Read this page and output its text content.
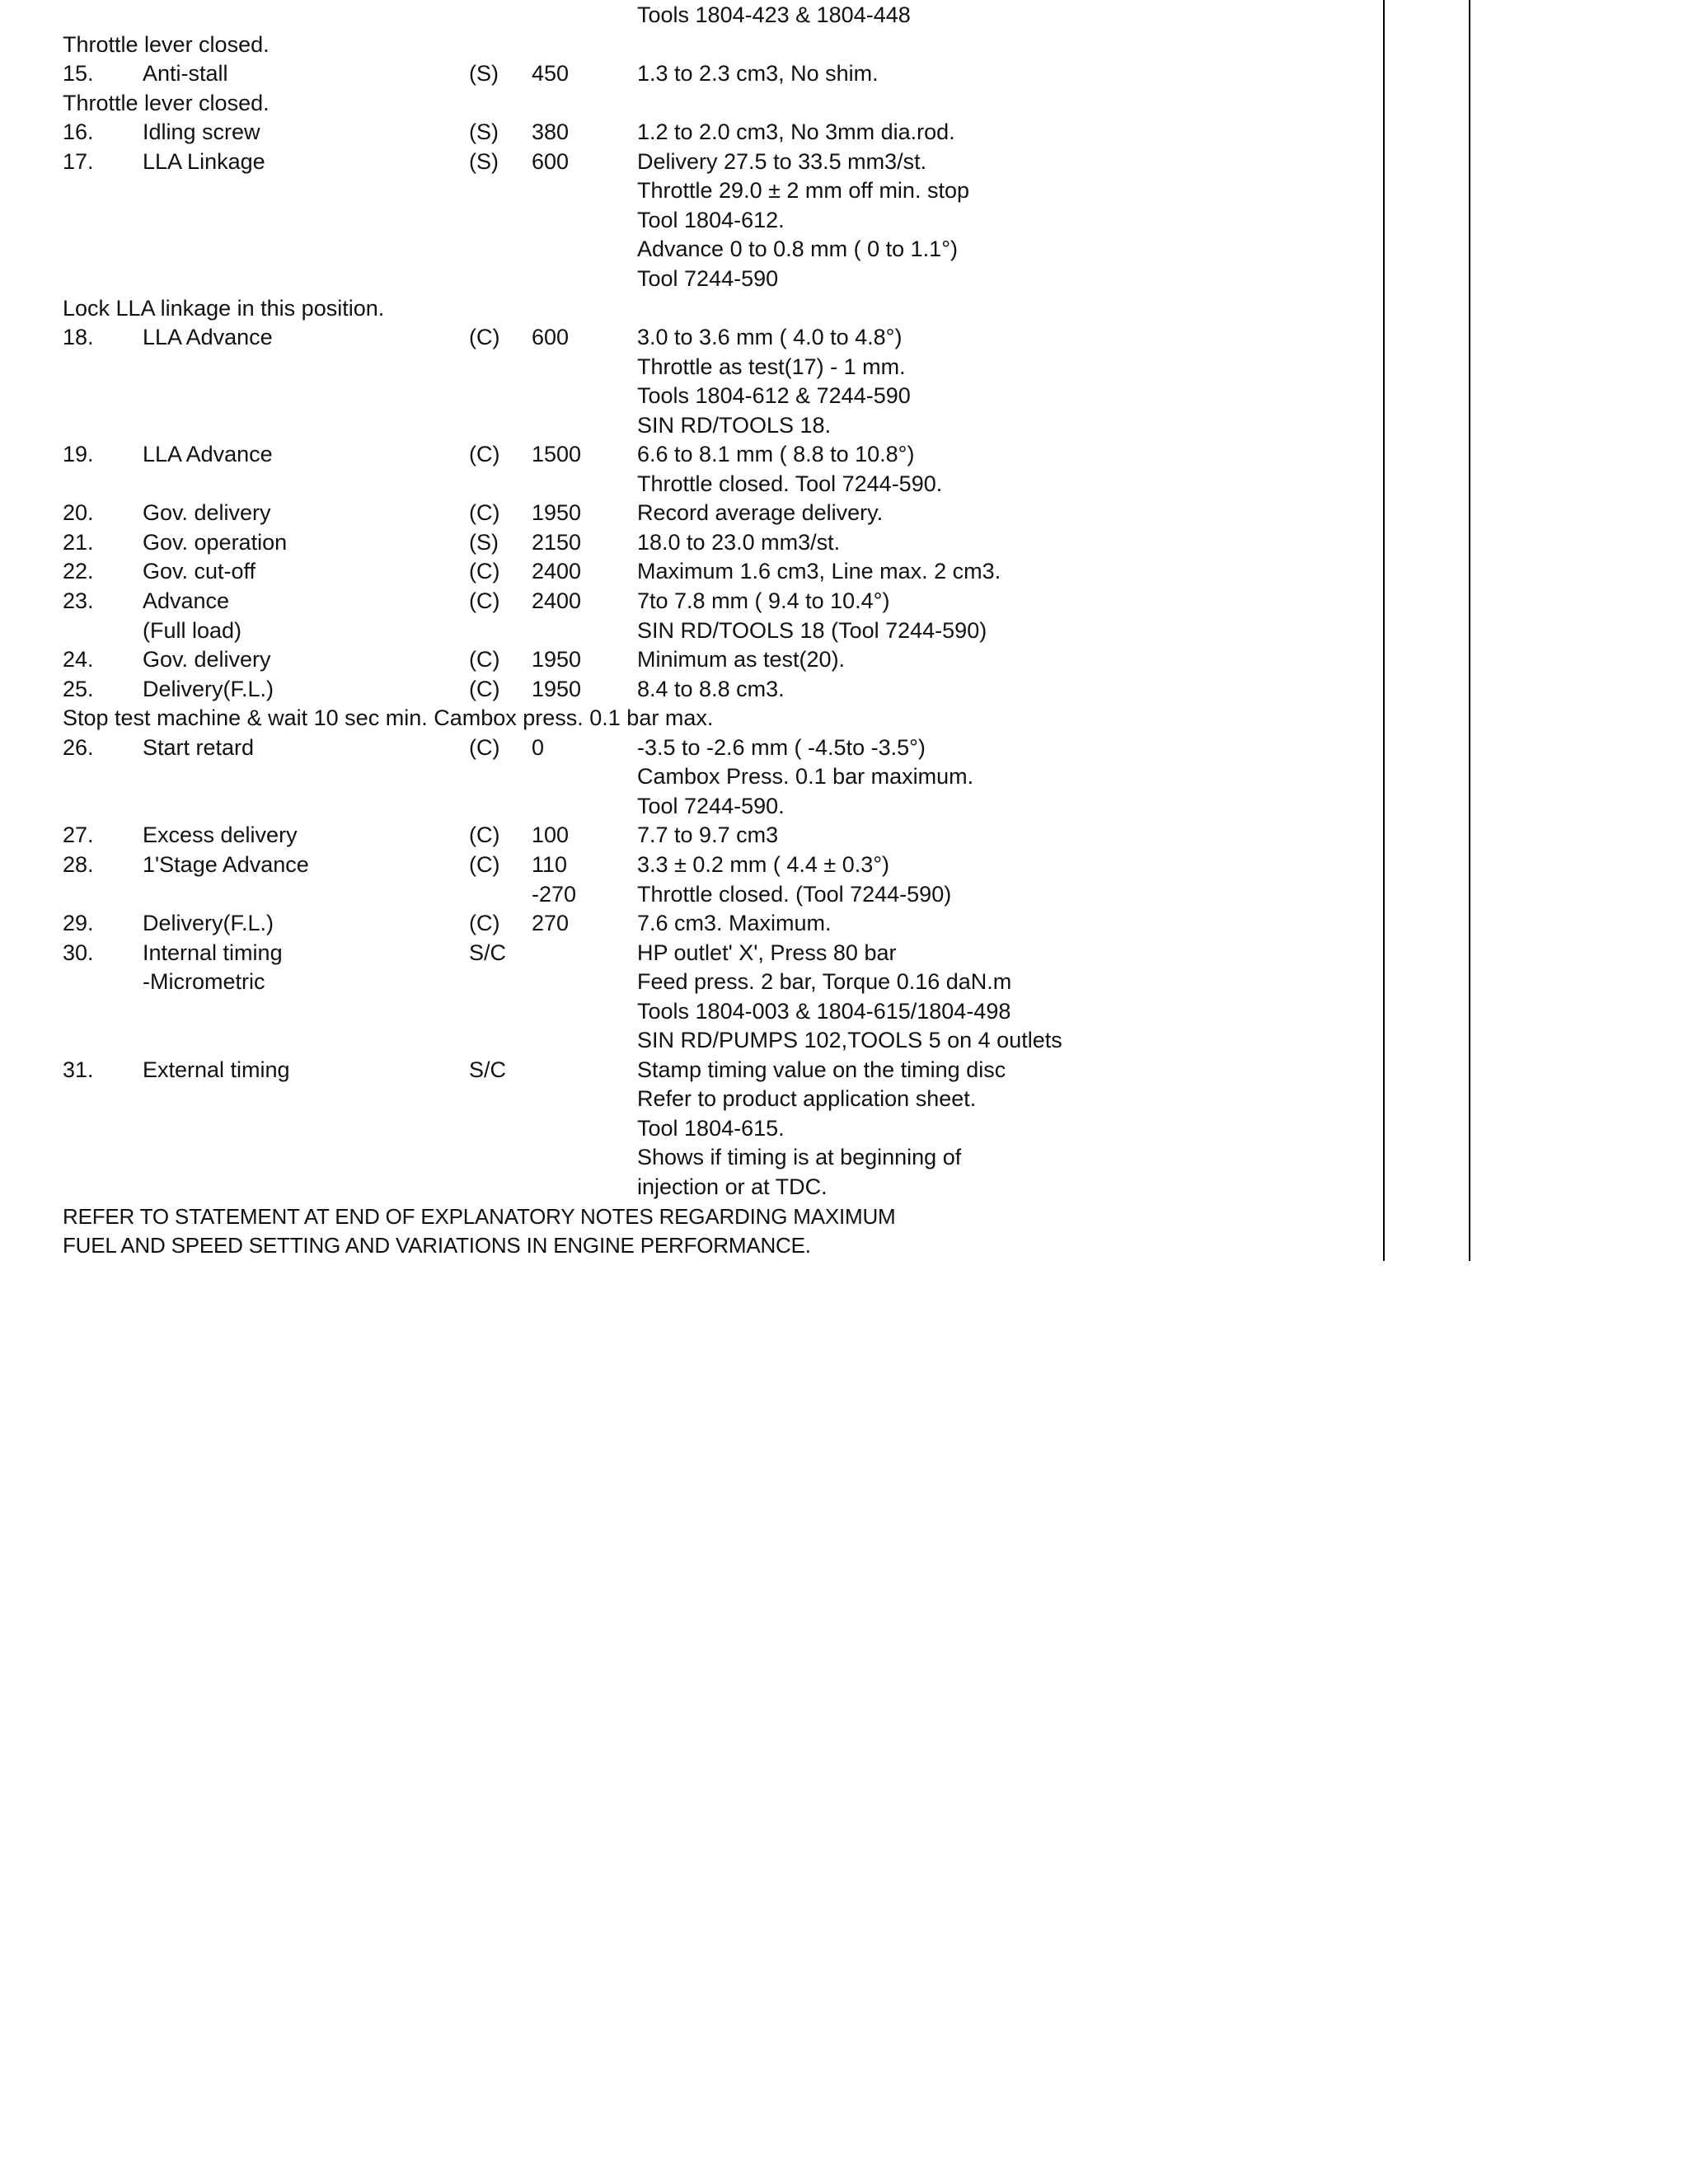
Tools 1804-423 & 1804-448
Throttle lever closed.
15. Anti-stall	(S) 450	1.3 to 2.3 cm3, No shim.
Throttle lever closed.
16. Idling screw	(S) 380	1.2 to 2.0 cm3, No 3mm dia.rod.
17. LLA Linkage	(S) 600	Delivery 27.5 to 33.5 mm3/st.
Throttle 29.0 ± 2 mm off min. stop
Tool 1804-612.
Advance 0 to 0.8 mm ( 0 to 1.1°)
Tool 7244-590
Lock LLA linkage in this position.
18. LLA Advance	(C) 600	3.0 to 3.6 mm ( 4.0 to 4.8°)
Throttle as test(17) - 1 mm.
Tools 1804-612 & 7244-590
SIN RD/TOOLS 18.
19. LLA Advance	(C) 1500	6.6 to 8.1 mm ( 8.8 to 10.8°)
Throttle closed. Tool 7244-590.
20. Gov. delivery	(C) 1950	Record average delivery.
21. Gov. operation	(S) 2150	18.0 to 23.0 mm3/st.
22. Gov. cut-off	(C) 2400	Maximum 1.6 cm3, Line max. 2 cm3.
23. Advance	(C) 2400	7to 7.8 mm ( 9.4 to 10.4°)
(Full load)	SIN RD/TOOLS 18 (Tool 7244-590)
24. Gov. delivery	(C) 1950	Minimum as test(20).
25. Delivery(F.L.)	(C) 1950	8.4 to 8.8 cm3.
Stop test machine & wait 10 sec min. Cambox press. 0.1 bar max.
26. Start retard	(C) 0	-3.5 to -2.6 mm ( -4.5to -3.5°)
Cambox Press. 0.1 bar maximum.
Tool 7244-590.
27. Excess delivery	(C) 100	7.7 to 9.7 cm3
28. 1'Stage Advance	(C) 110	3.3 ± 0.2 mm ( 4.4 ± 0.3°)
-270	Throttle closed. (Tool 7244-590)
29. Delivery(F.L.)	(C) 270	7.6 cm3. Maximum.
30. Internal timing	S/C	HP outlet' X', Press 80 bar
-Micrometric	Feed press. 2 bar, Torque 0.16 daN.m
Tools 1804-003 & 1804-615/1804-498
SIN RD/PUMPS 102,TOOLS 5 on 4 outlets
31. External timing	S/C	Stamp timing value on the timing disc
Refer to product application sheet.
Tool 1804-615.
Shows if timing is at beginning of
injection or at TDC.
REFER TO STATEMENT AT END OF EXPLANATORY NOTES REGARDING MAXIMUM
FUEL AND SPEED SETTING AND VARIATIONS IN ENGINE PERFORMANCE.
